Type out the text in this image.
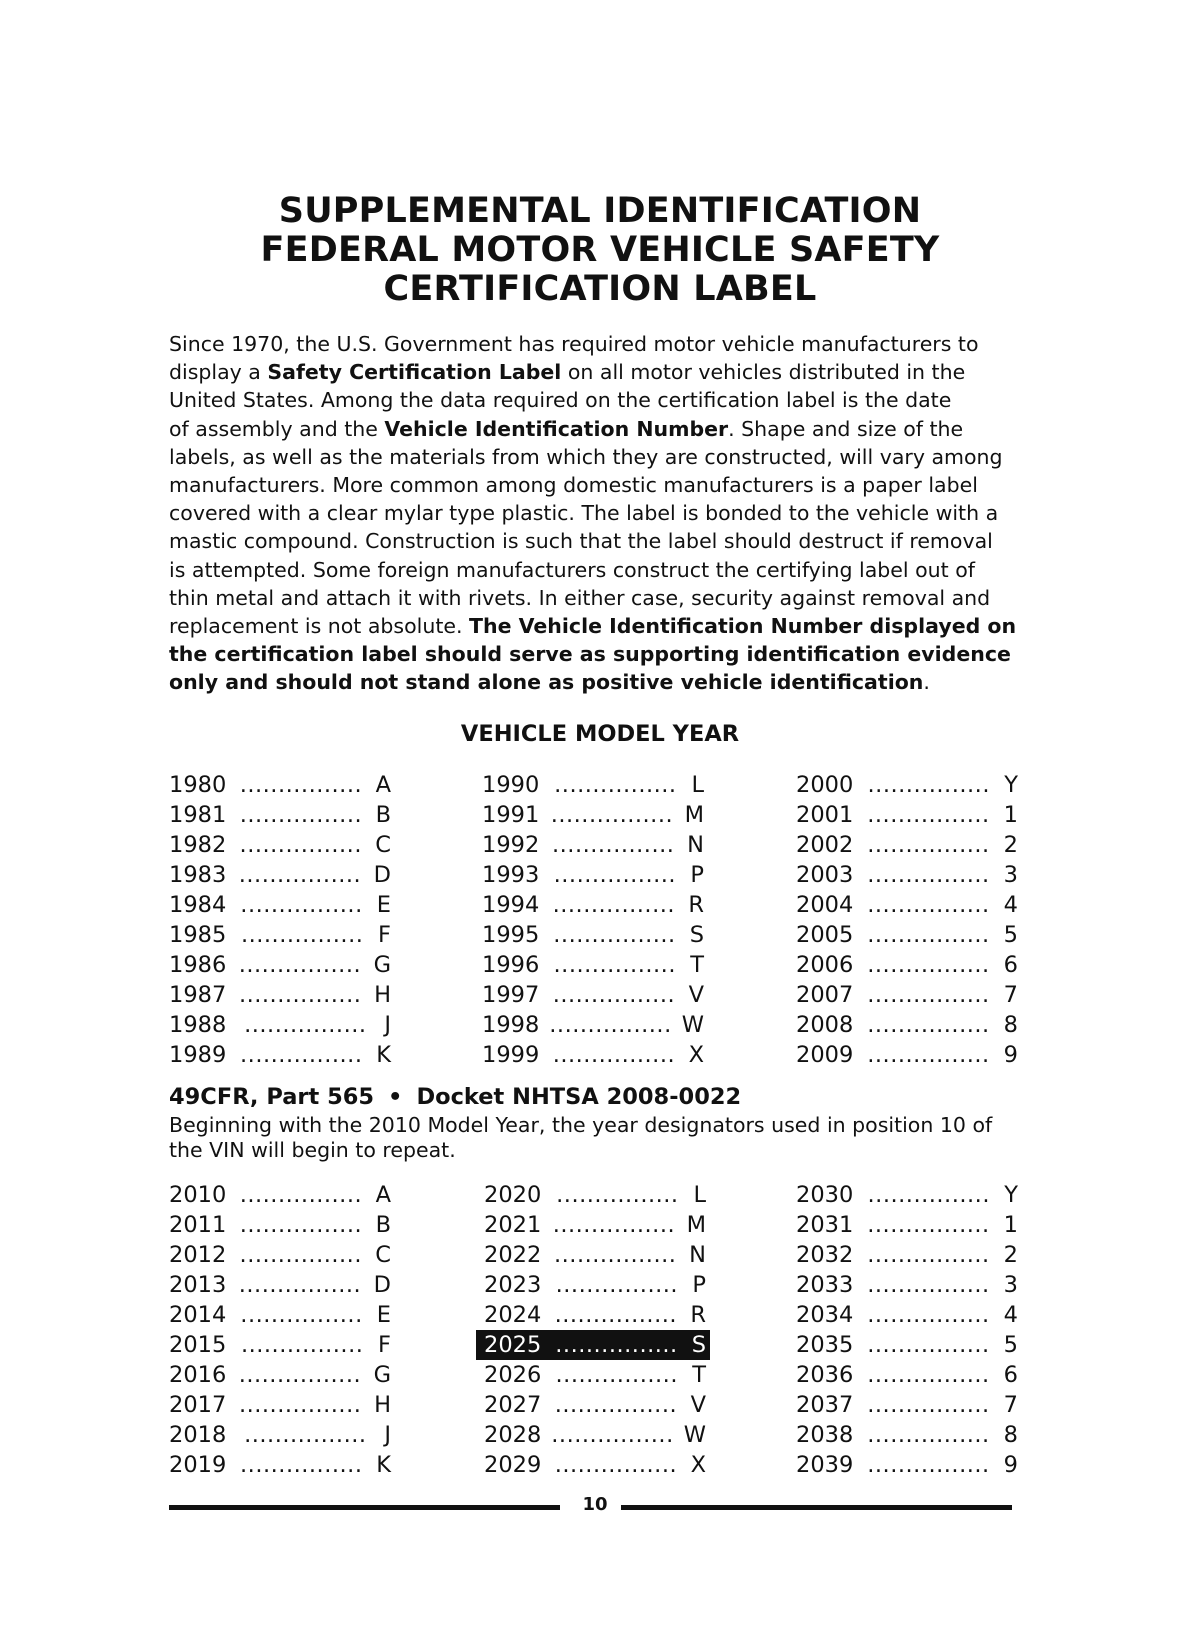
SUPPLEMENTAL IDENTIFICATION
FEDERAL MOTOR VEHICLE SAFETY
CERTIFICATION LABEL
Since 1970, the U.S. Government has required motor vehicle manufacturers to
display a Safety Certification Label on all motor vehicles distributed in the
United States. Among the data required on the certification label is the date
of assembly and the Vehicle Identification Number. Shape and size of the
labels, as well as the materials from which they are constructed, will vary among
manufacturers. More common among domestic manufacturers is a paper label
covered with a clear mylar type plastic. The label is bonded to the vehicle with a
mastic compound. Construction is such that the label should destruct if removal
is attempted. Some foreign manufacturers construct the certifying label out of
thin metal and attach it with rivets. In either case, security against removal and
replacement is not absolute. The Vehicle Identification Number displayed on
the certification label should serve as supporting identification evidence
only and should not stand alone as positive vehicle identification.
VEHICLE MODEL YEAR
1980 ................ A
1981 ................ B
1982 ................ C
1983 ................ D
1984 ................ E
1985 ................ F
1986 ................ G
1987 ................ H
1988 ................ J
1989 ................ K
1990 ................ L
1991 ................ M
1992 ................ N
1993 ................ P
1994 ................ R
1995 ................ S
1996 ................ T
1997 ................ V
1998 ................ W
1999 ................ X
2000 ................ Y
2001 ................ 1
2002 ................ 2
2003 ................ 3
2004 ................ 4
2005 ................ 5
2006 ................ 6
2007 ................ 7
2008 ................ 8
2009 ................ 9
49CFR, Part 565 • Docket NHTSA 2008-0022
Beginning with the 2010 Model Year, the year designators used in position 10 of
the VIN will begin to repeat.
2010 ................ A
2011 ................ B
2012 ................ C
2013 ................ D
2014 ................ E
2015 ................ F
2016 ................ G
2017 ................ H
2018 ................ J
2019 ................ K
2020 ................ L
2021 ................ M
2022 ................ N
2023 ................ P
2024 ................ R
2025 ................ S
2026 ................ T
2027 ................ V
2028 ................ W
2029 ................ X
2030 ................ Y
2031 ................ 1
2032 ................ 2
2033 ................ 3
2034 ................ 4
2035 ................ 5
2036 ................ 6
2037 ................ 7
2038 ................ 8
2039 ................ 9
10
